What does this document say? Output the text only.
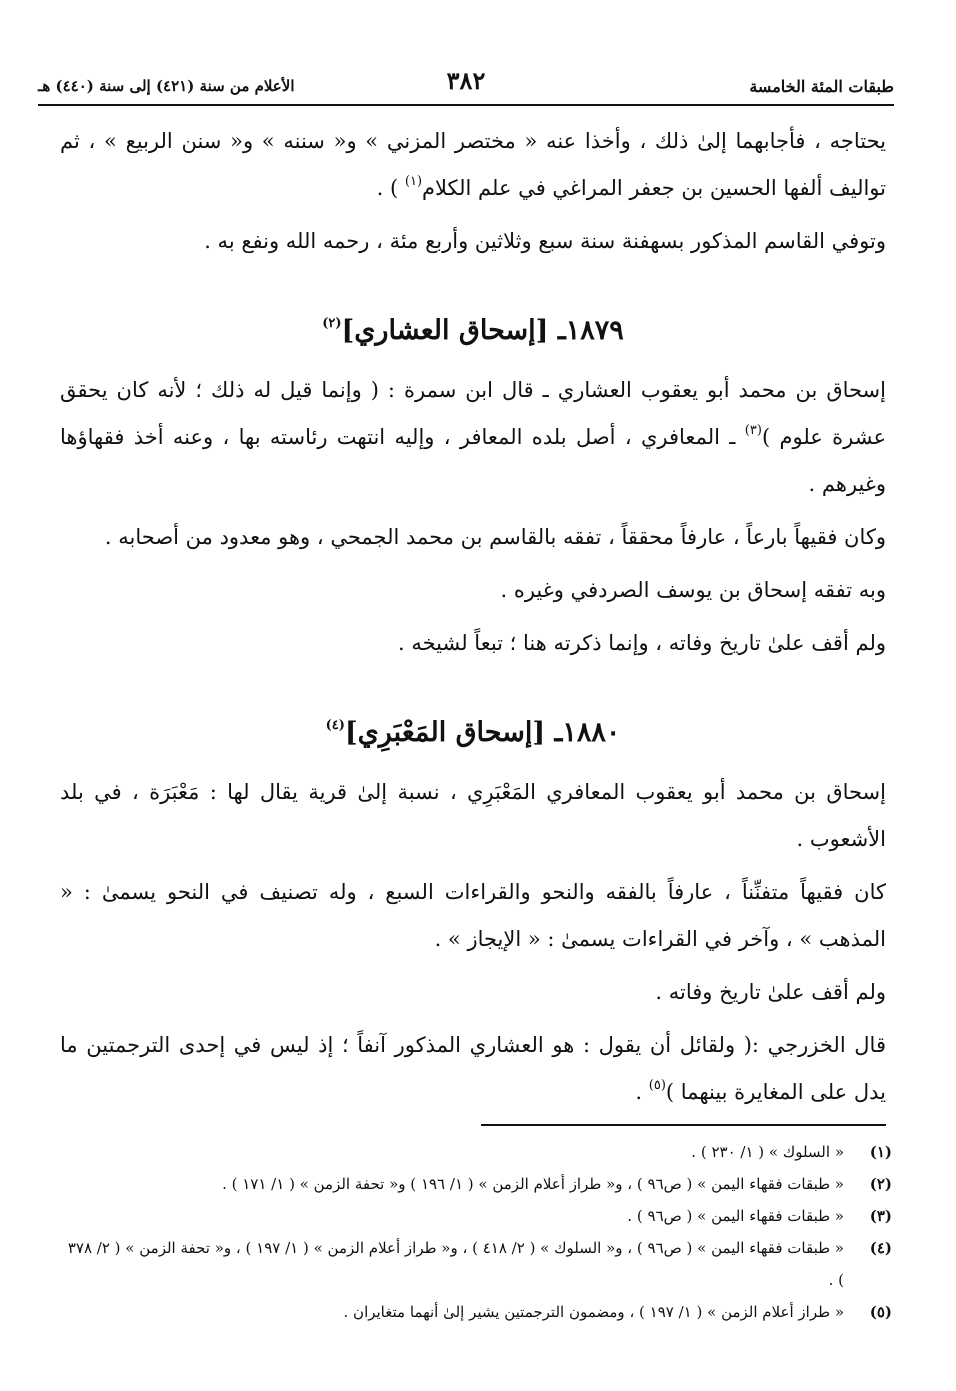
طبقات المئة الخامسة
٣٨٢
الأعلام من سنة (٤٢١) إلى سنة (٤٤٠) هـ

يحتاجه ، فأجابهما إلىٰ ذلك ، وأخذا عنه « مختصر المزني » و« سننه » و« سنن الربيع » ، ثم تواليف ألفها الحسين بن جعفر المراغي في علم الكلام$^{(١)}$ ) .

وتوفي القاسم المذكور بسهفنة سنة سبع وثلاثين وأربع مئة ، رحمه الله ونفع به .

١٨٧٩ـ [إسحاق العشاري]$^{(٢)}$

إسحاق بن محمد أبو يعقوب العشاري ـ قال ابن سمرة : ( وإنما قيل له ذلك ؛ لأنه كان يحقق عشرة علوم )$^{(٣)}$ ـ المعافري ، أصل بلده المعافر ، وإليه انتهت رئاسته بها ، وعنه أخذ فقهاؤها وغيرهم .

وكان فقيهاً بارعاً ، عارفاً محققاً ، تفقه بالقاسم بن محمد الجمحي ، وهو معدود من أصحابه .

وبه تفقه إسحاق بن يوسف الصردفي وغيره .

ولم أقف علىٰ تاريخ وفاته ، وإنما ذكرته هنا ؛ تبعاً لشيخه .

١٨٨٠ـ [إسحاق المَعْبَرِي]$^{(٤)}$

إسحاق بن محمد أبو يعقوب المعافري المَعْبَرِي ، نسبة إلىٰ قرية يقال لها : مَعْبَرَة ، في بلد الأشعوب .

كان فقيهاً متفنِّناً ، عارفاً بالفقه والنحو والقراءات السبع ، وله تصنيف في النحو يسمىٰ : « المذهب » ، وآخر في القراءات يسمىٰ : « الإيجاز » .

ولم أقف علىٰ تاريخ وفاته .

قال الخزرجي :( ولقائل أن يقول : هو العشاري المذكور آنفاً ؛ إذ ليس في إحدى الترجمتين ما يدل على المغايرة بينهما )$^{(٥)}$ .

(١)
« السلوك » ( ١/ ٢٣٠ ) .
(٢)
« طبقات فقهاء اليمن » ( ص٩٦ ) ، و« طراز أعلام الزمن » ( ١/ ١٩٦ ) و« تحفة الزمن » ( ١/ ١٧١ ) .
(٣)
« طبقات فقهاء اليمن » ( ص٩٦ ) .
(٤)
« طبقات فقهاء اليمن » ( ص٩٦ ) ، و« السلوك » ( ٢/ ٤١٨ ) ، و« طراز أعلام الزمن » ( ١/ ١٩٧ ) ، و« تحفة الزمن » ( ٢/ ٣٧٨ ) .
(٥)
« طراز أعلام الزمن » ( ١/ ١٩٧ ) ، ومضمون الترجمتين يشير إلىٰ أنهما متغايران .
